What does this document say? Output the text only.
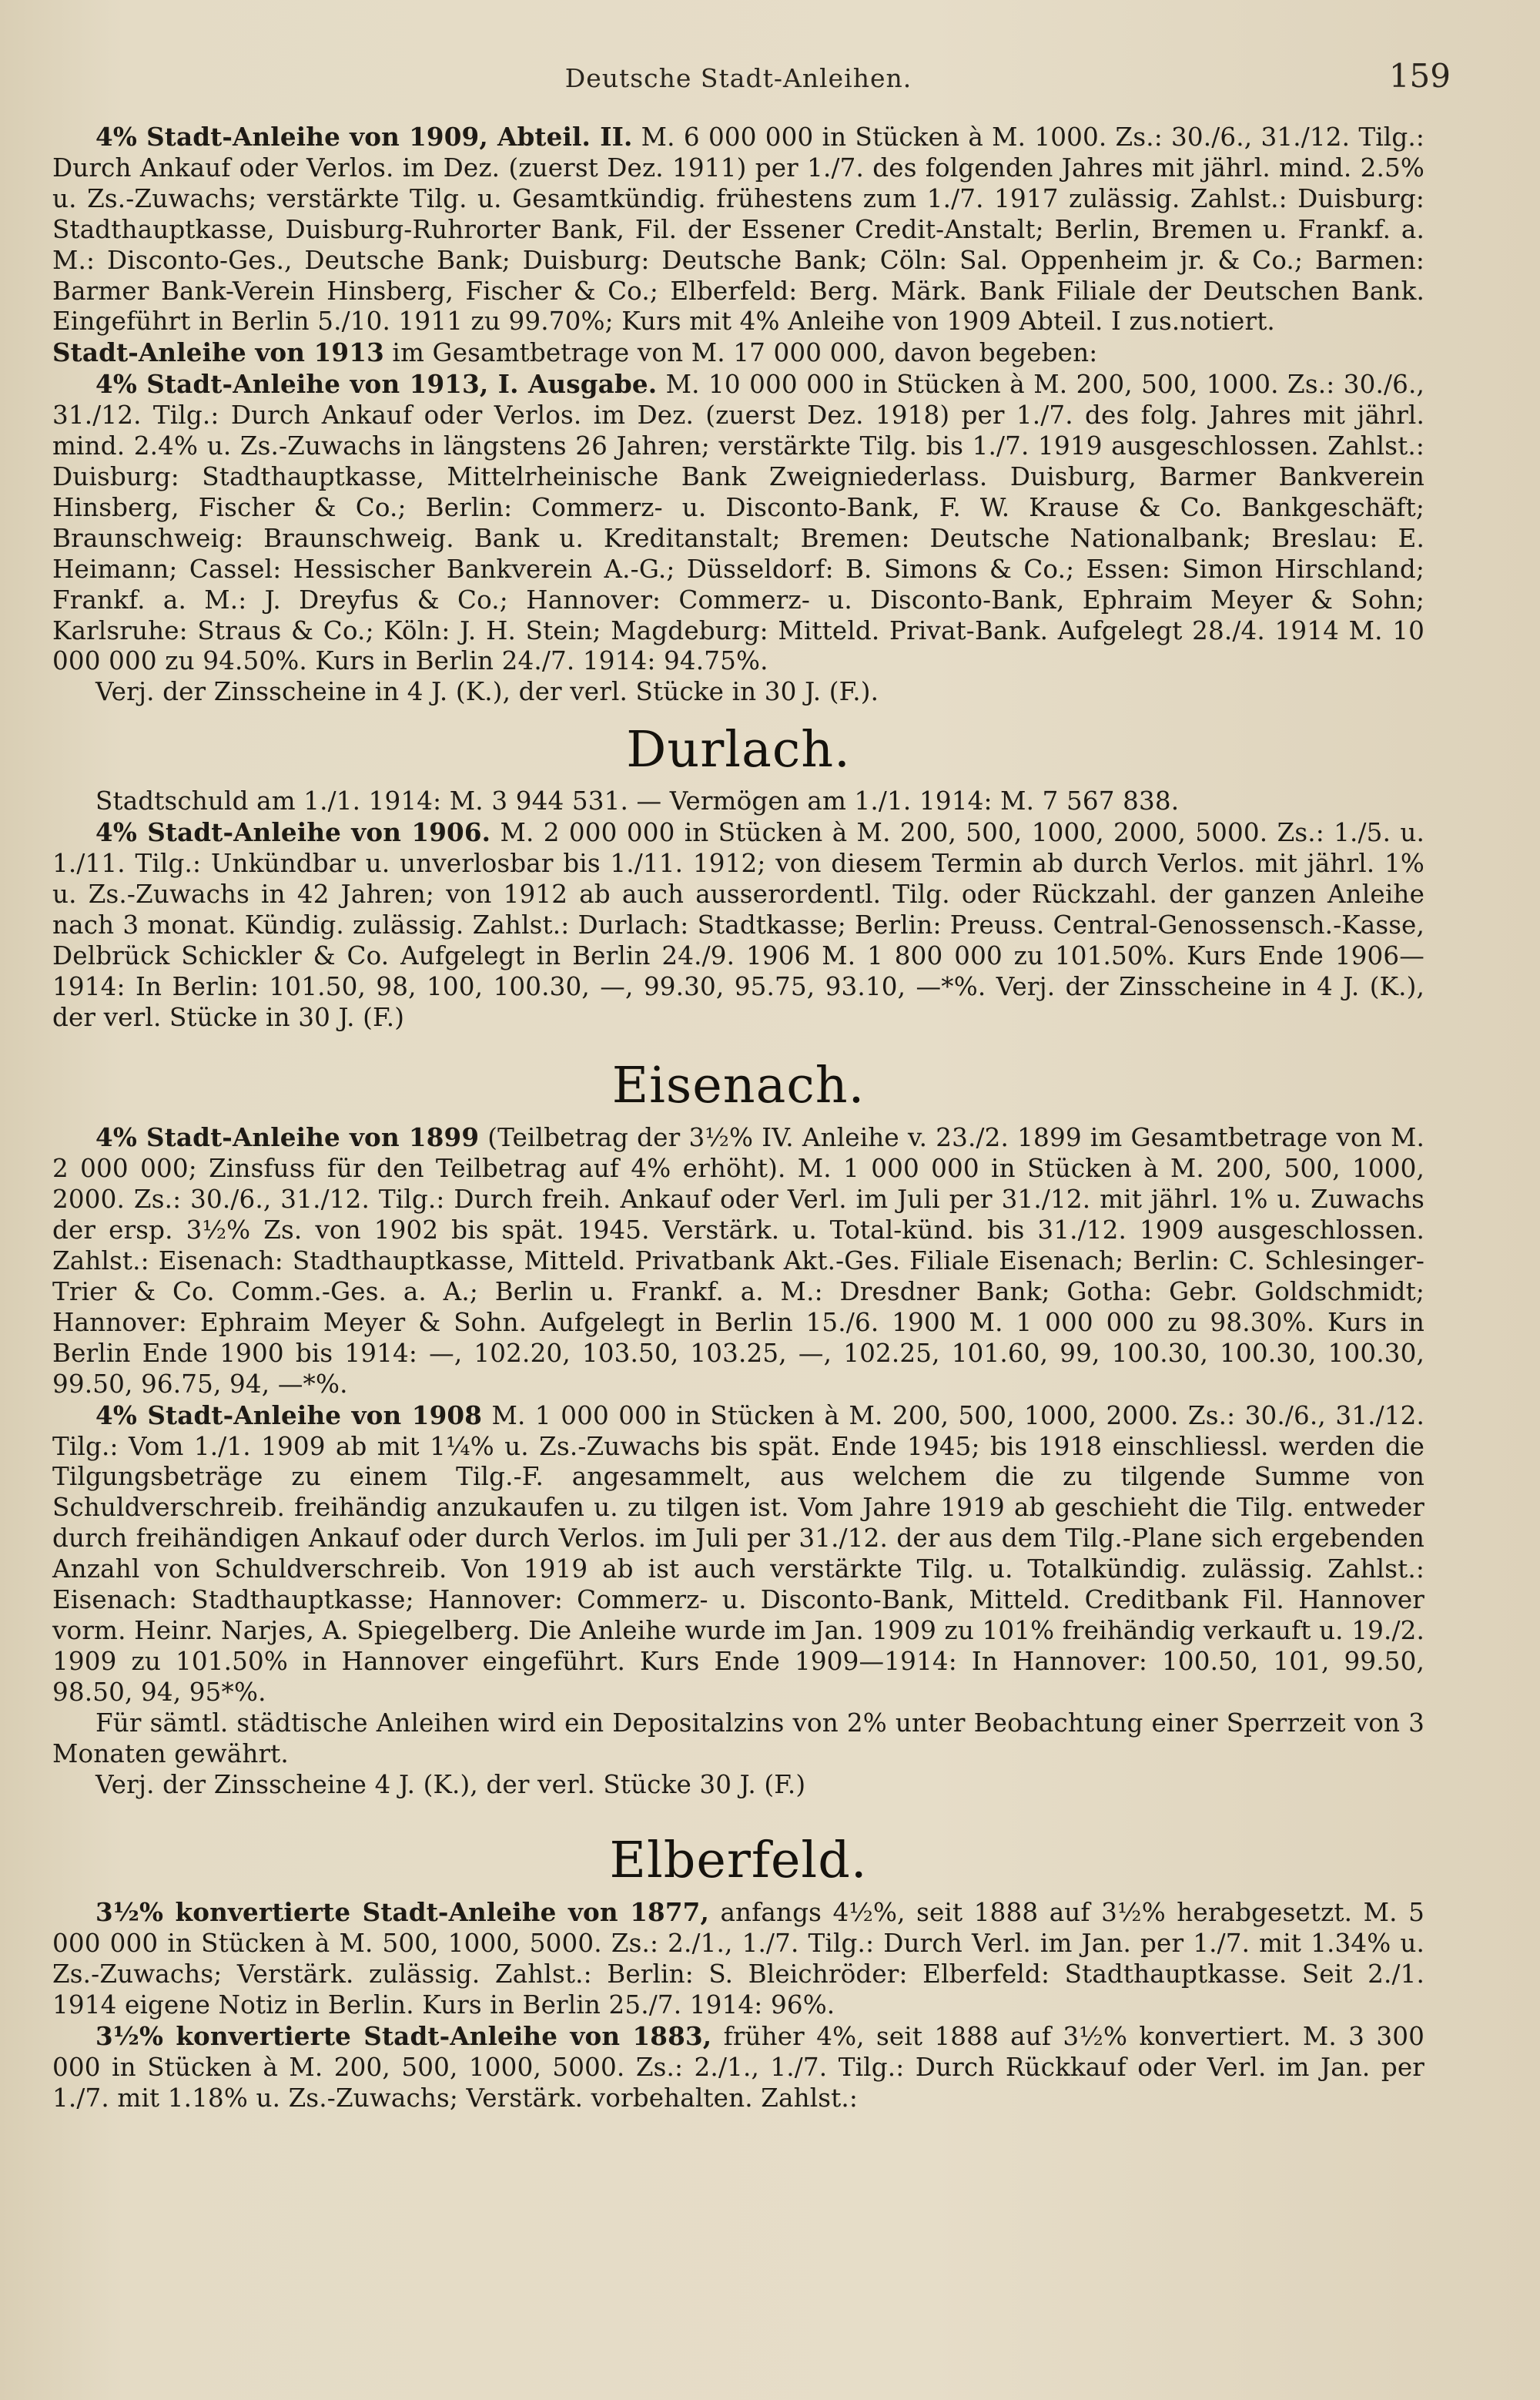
Deutsche Stadt-Anleihen.	159

4% Stadt-Anleihe von 1909, Abteil. II. M. 6 000 000 in Stücken à M. 1000. Zs.: 30./6., 31./12. Tilg.: Durch Ankauf oder Verlos. im Dez. (zuerst Dez. 1911) per 1./7. des folgenden Jahres mit jährl. mind. 2.5% u. Zs.-Zuwachs; verstärkte Tilg. u. Gesamtkündig. frühestens zum 1./7. 1917 zulässig. Zahlst.: Duisburg: Stadthauptkasse, Duisburg-Ruhrorter Bank, Fil. der Essener Credit-Anstalt; Berlin, Bremen u. Frankf. a. M.: Disconto-Ges., Deutsche Bank; Duisburg: Deutsche Bank; Cöln: Sal. Oppenheim jr. & Co.; Barmen: Barmer Bank-Verein Hinsberg, Fischer & Co.; Elberfeld: Berg. Märk. Bank Filiale der Deutschen Bank. Eingeführt in Berlin 5./10. 1911 zu 99.70%; Kurs mit 4% Anleihe von 1909 Abteil. I zus.notiert.

Stadt-Anleihe von 1913 im Gesamtbetrage von M. 17 000 000, davon begeben:

4% Stadt-Anleihe von 1913, I. Ausgabe. M. 10 000 000 in Stücken à M. 200, 500, 1000. Zs.: 30./6., 31./12. Tilg.: Durch Ankauf oder Verlos. im Dez. (zuerst Dez. 1918) per 1./7. des folg. Jahres mit jährl. mind. 2.4% u. Zs.-Zuwachs in längstens 26 Jahren; verstärkte Tilg. bis 1./7. 1919 ausgeschlossen. Zahlst.: Duisburg: Stadthauptkasse, Mittelrheinische Bank Zweigniederlass. Duisburg, Barmer Bankverein Hinsberg, Fischer & Co.; Berlin: Commerz- u. Disconto-Bank, F. W. Krause & Co. Bankgeschäft; Braunschweig: Braunschweig. Bank u. Kreditanstalt; Bremen: Deutsche Nationalbank; Breslau: E. Heimann; Cassel: Hessischer Bankverein A.-G.; Düsseldorf: B. Simons & Co.; Essen: Simon Hirschland; Frankf. a. M.: J. Dreyfus & Co.; Hannover: Commerz- u. Disconto-Bank, Ephraim Meyer & Sohn; Karlsruhe: Straus & Co.; Köln: J. H. Stein; Magdeburg: Mitteld. Privat-Bank. Aufgelegt 28./4. 1914 M. 10 000 000 zu 94.50%. Kurs in Berlin 24./7. 1914: 94.75%.

Verj. der Zinsscheine in 4 J. (K.), der verl. Stücke in 30 J. (F.).

Durlach.

Stadtschuld am 1./1. 1914: M. 3 944 531. — Vermögen am 1./1. 1914: M. 7 567 838.

4% Stadt-Anleihe von 1906. M. 2 000 000 in Stücken à M. 200, 500, 1000, 2000, 5000. Zs.: 1./5. u. 1./11. Tilg.: Unkündbar u. unverlosbar bis 1./11. 1912; von diesem Termin ab durch Verlos. mit jährl. 1% u. Zs.-Zuwachs in 42 Jahren; von 1912 ab auch ausserordentl. Tilg. oder Rückzahl. der ganzen Anleihe nach 3 monat. Kündig. zulässig. Zahlst.: Durlach: Stadtkasse; Berlin: Preuss. Central-Genossensch.-Kasse, Delbrück Schickler & Co. Aufgelegt in Berlin 24./9. 1906 M. 1 800 000 zu 101.50%. Kurs Ende 1906—1914: In Berlin: 101.50, 98, 100, 100.30, —, 99.30, 95.75, 93.10, —*%. Verj. der Zinsscheine in 4 J. (K.), der verl. Stücke in 30 J. (F.)

Eisenach.

4% Stadt-Anleihe von 1899 (Teilbetrag der 3½% IV. Anleihe v. 23./2. 1899 im Gesamtbetrage von M. 2 000 000; Zinsfuss für den Teilbetrag auf 4% erhöht). M. 1 000 000 in Stücken à M. 200, 500, 1000, 2000. Zs.: 30./6., 31./12. Tilg.: Durch freih. Ankauf oder Verl. im Juli per 31./12. mit jährl. 1% u. Zuwachs der ersp. 3½% Zs. von 1902 bis spät. 1945. Verstärk. u. Total-künd. bis 31./12. 1909 ausgeschlossen. Zahlst.: Eisenach: Stadthauptkasse, Mitteld. Privatbank Akt.-Ges. Filiale Eisenach; Berlin: C. Schlesinger-Trier & Co. Comm.-Ges. a. A.; Berlin u. Frankf. a. M.: Dresdner Bank; Gotha: Gebr. Goldschmidt; Hannover: Ephraim Meyer & Sohn. Aufgelegt in Berlin 15./6. 1900 M. 1 000 000 zu 98.30%. Kurs in Berlin Ende 1900 bis 1914: —, 102.20, 103.50, 103.25, —, 102.25, 101.60, 99, 100.30, 100.30, 100.30, 99.50, 96.75, 94, —*%.

4% Stadt-Anleihe von 1908 M. 1 000 000 in Stücken à M. 200, 500, 1000, 2000. Zs.: 30./6., 31./12. Tilg.: Vom 1./1. 1909 ab mit 1¼% u. Zs.-Zuwachs bis spät. Ende 1945; bis 1918 einschliessl. werden die Tilgungsbeträge zu einem Tilg.-F. angesammelt, aus welchem die zu tilgende Summe von Schuldverschreib. freihändig anzukaufen u. zu tilgen ist. Vom Jahre 1919 ab geschieht die Tilg. entweder durch freihändigen Ankauf oder durch Verlos. im Juli per 31./12. der aus dem Tilg.-Plane sich ergebenden Anzahl von Schuldverschreib. Von 1919 ab ist auch verstärkte Tilg. u. Totalkündig. zulässig. Zahlst.: Eisenach: Stadthauptkasse; Hannover: Commerz- u. Disconto-Bank, Mitteld. Creditbank Fil. Hannover vorm. Heinr. Narjes, A. Spiegelberg. Die Anleihe wurde im Jan. 1909 zu 101% freihändig verkauft u. 19./2. 1909 zu 101.50% in Hannover eingeführt. Kurs Ende 1909—1914: In Hannover: 100.50, 101, 99.50, 98.50, 94, 95*%.

Für sämtl. städtische Anleihen wird ein Depositalzins von 2% unter Beobachtung einer Sperrzeit von 3 Monaten gewährt.

Verj. der Zinsscheine 4 J. (K.), der verl. Stücke 30 J. (F.)

Elberfeld.

3½% konvertierte Stadt-Anleihe von 1877, anfangs 4½%, seit 1888 auf 3½% herabgesetzt. M. 5 000 000 in Stücken à M. 500, 1000, 5000. Zs.: 2./1., 1./7. Tilg.: Durch Verl. im Jan. per 1./7. mit 1.34% u. Zs.-Zuwachs; Verstärk. zulässig. Zahlst.: Berlin: S. Bleichröder: Elberfeld: Stadthauptkasse. Seit 2./1. 1914 eigene Notiz in Berlin. Kurs in Berlin 25./7. 1914: 96%.

3½% konvertierte Stadt-Anleihe von 1883, früher 4%, seit 1888 auf 3½% konvertiert. M. 3 300 000 in Stücken à M. 200, 500, 1000, 5000. Zs.: 2./1., 1./7. Tilg.: Durch Rückkauf oder Verl. im Jan. per 1./7. mit 1.18% u. Zs.-Zuwachs; Verstärk. vorbehalten. Zahlst.:
